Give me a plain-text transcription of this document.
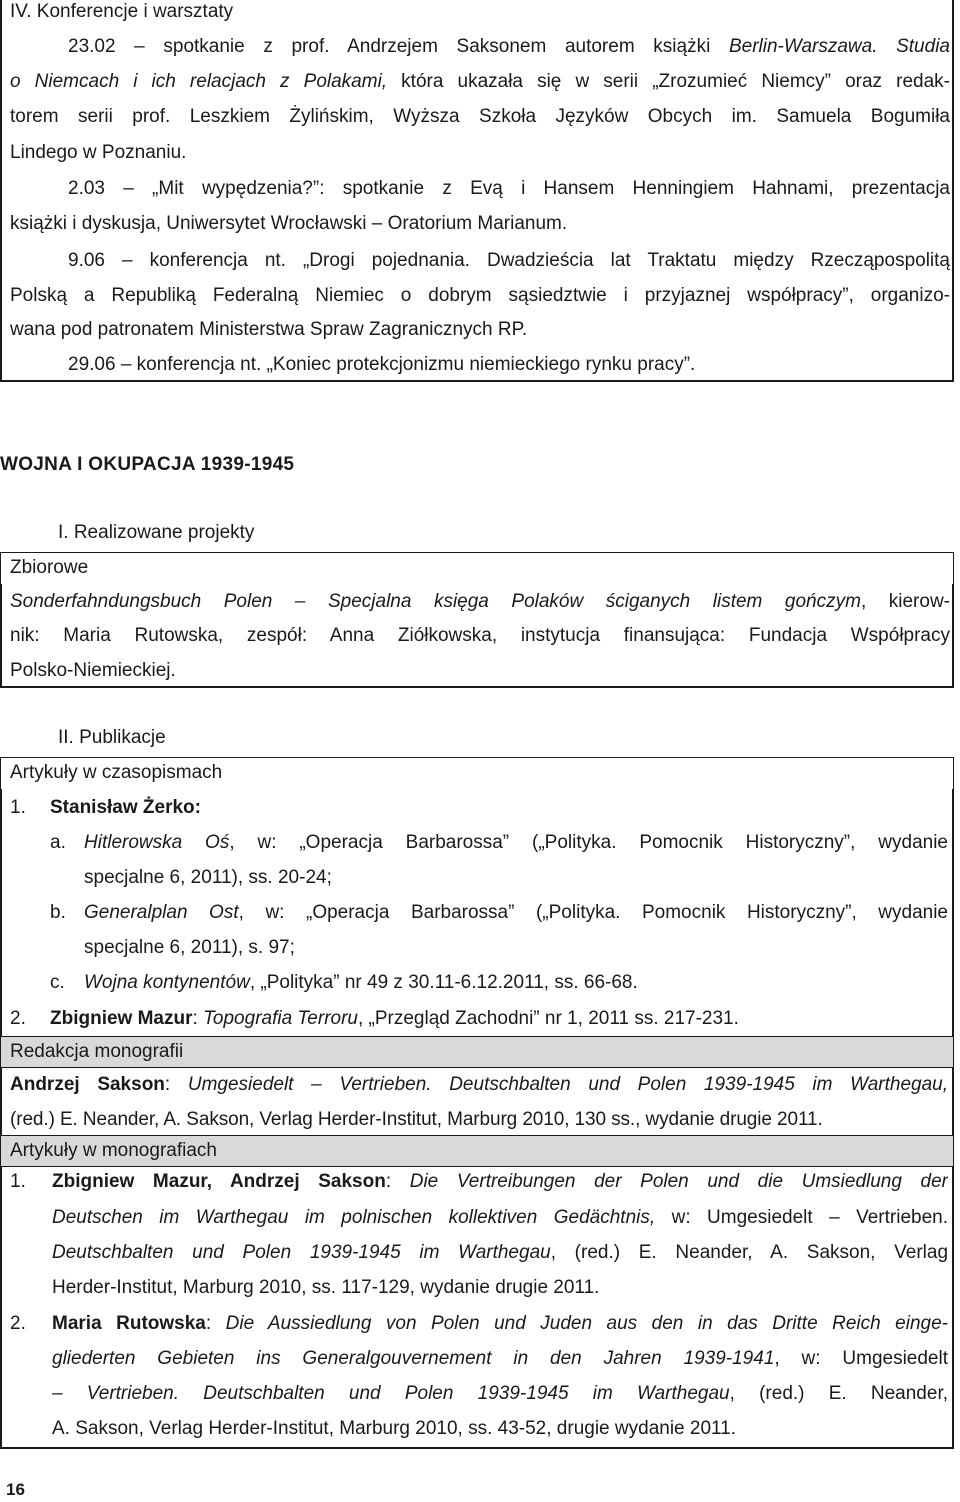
IV. Konferencje i warsztaty
23.02 – spotkanie z prof. Andrzejem Saksonem autorem książki Berlin-Warszawa. Studia
o Niemcach i ich relacjach z Polakami, która ukazała się w serii „Zrozumieć Niemcy” oraz redak-
torem serii prof. Leszkiem Żylińskim, Wyższa Szkoła Języków Obcych im. Samuela Bogumiła
Lindego w Poznaniu.
2.03 – „Mit wypędzenia?”: spotkanie z Evą i Hansem Henningiem Hahnami, prezentacja
książki i dyskusja, Uniwersytet Wrocławski – Oratorium Marianum.
9.06 – konferencja nt. „Drogi pojednania. Dwadzieścia lat Traktatu między Rzecząpospolitą
Polską a Republiką Federalną Niemiec o dobrym sąsiedztwie i przyjaznej współpracy”, organizo-
wana pod patronatem Ministerstwa Spraw Zagranicznych RP.
29.06 – konferencja nt. „Koniec protekcjonizmu niemieckiego rynku pracy”.
WOJNA I OKUPACJA 1939-1945
I. Realizowane projekty
Zbiorowe
Sonderfahndungsbuch Polen – Specjalna księga Polaków ściganych listem gończym, kierow-
nik: Maria Rutowska, zespół: Anna Ziółkowska, instytucja finansująca: Fundacja Współpracy
Polsko-Niemieckiej.
II. Publikacje
Artykuły w czasopismach
1. Stanisław Żerko:
a. Hitlerowska Oś, w: „Operacja Barbarossa” („Polityka. Pomocnik Historyczny”, wydanie
specjalne 6, 2011), ss. 20-24;
b. Generalplan Ost, w: „Operacja Barbarossa” („Polityka. Pomocnik Historyczny”, wydanie
specjalne 6, 2011), s. 97;
c. Wojna kontynentów, „Polityka” nr 49 z 30.11-6.12.2011, ss. 66-68.
2. Zbigniew Mazur: Topografia Terroru, „Przegląd Zachodni” nr 1, 2011 ss. 217-231.
Redakcja monografii
Andrzej Sakson: Umgesiedelt – Vertrieben. Deutschbalten und Polen 1939-1945 im Warthegau,
(red.) E. Neander, A. Sakson, Verlag Herder-Institut, Marburg 2010, 130 ss., wydanie drugie 2011.
Artykuły w monografiach
1. Zbigniew Mazur, Andrzej Sakson: Die Vertreibungen der Polen und die Umsiedlung der
Deutschen im Warthegau im polnischen kollektiven Gedächtnis, w: Umgesiedelt – Vertrieben.
Deutschbalten und Polen 1939-1945 im Warthegau, (red.) E. Neander, A. Sakson, Verlag
Herder-Institut, Marburg 2010, ss. 117-129, wydanie drugie 2011.
2. Maria Rutowska: Die Aussiedlung von Polen und Juden aus den in das Dritte Reich einge-
gliederten Gebieten ins Generalgouvernement in den Jahren 1939-1941, w: Umgesiedelt
– Vertrieben. Deutschbalten und Polen 1939-1945 im Warthegau, (red.) E. Neander,
A. Sakson, Verlag Herder-Institut, Marburg 2010, ss. 43-52, drugie wydanie 2011.
16
